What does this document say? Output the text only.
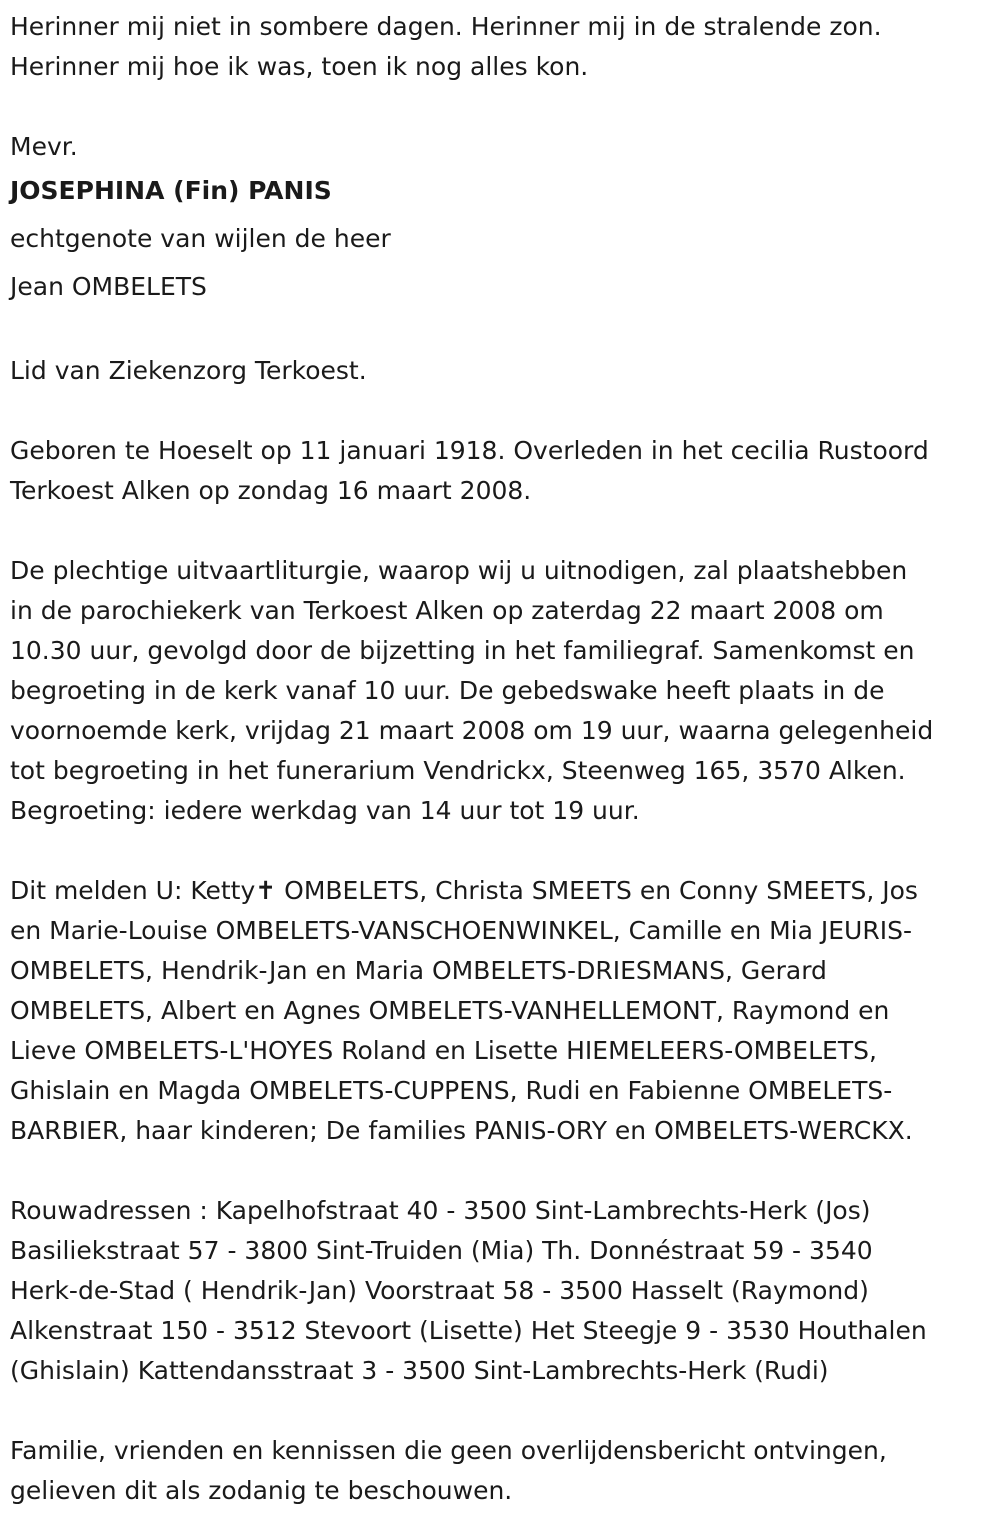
Herinner mij niet in sombere dagen. Herinner mij in de stralende zon.

Herinner mij hoe ik was, toen ik nog alles kon.

Mevr.

JOSEPHINA (Fin) PANIS

echtgenote van wijlen de heer

Jean OMBELETS

Lid van Ziekenzorg Terkoest.

Geboren te Hoeselt op 11 januari 1918. Overleden in het cecilia Rustoord

Terkoest Alken op zondag 16 maart 2008.

De plechtige uitvaartliturgie, waarop wij u uitnodigen, zal plaatshebben

in de parochiekerk van Terkoest Alken op zaterdag 22 maart 2008 om

10.30 uur, gevolgd door de bijzetting in het familiegraf. Samenkomst en

begroeting in de kerk vanaf 10 uur. De gebedswake heeft plaats in de

voornoemde kerk, vrijdag 21 maart 2008 om 19 uur, waarna gelegenheid

tot begroeting in het funerarium Vendrickx, Steenweg 165, 3570 Alken.

Begroeting: iedere werkdag van 14 uur tot 19 uur.

Dit melden U: Ketty✝ OMBELETS, Christa SMEETS en Conny SMEETS, Jos

en Marie-Louise OMBELETS-VANSCHOENWINKEL, Camille en Mia JEURIS-

OMBELETS, Hendrik-Jan en Maria OMBELETS-DRIESMANS, Gerard

OMBELETS, Albert en Agnes OMBELETS-VANHELLEMONT, Raymond en

Lieve OMBELETS-L'HOYES Roland en Lisette HIEMELEERS-OMBELETS,

Ghislain en Magda OMBELETS-CUPPENS, Rudi en Fabienne OMBELETS-

BARBIER, haar kinderen; De families PANIS-ORY en OMBELETS-WERCKX.

Rouwadressen : Kapelhofstraat 40 - 3500 Sint-Lambrechts-Herk (Jos)

Basiliekstraat 57 - 3800 Sint-Truiden (Mia) Th. Donnéstraat 59 - 3540

Herk-de-Stad ( Hendrik-Jan) Voorstraat 58 - 3500 Hasselt (Raymond)

Alkenstraat 150 - 3512 Stevoort (Lisette) Het Steegje 9 - 3530 Houthalen

(Ghislain) Kattendansstraat 3 - 3500 Sint-Lambrechts-Herk (Rudi)

Familie, vrienden en kennissen die geen overlijdensbericht ontvingen,

gelieven dit als zodanig te beschouwen.
